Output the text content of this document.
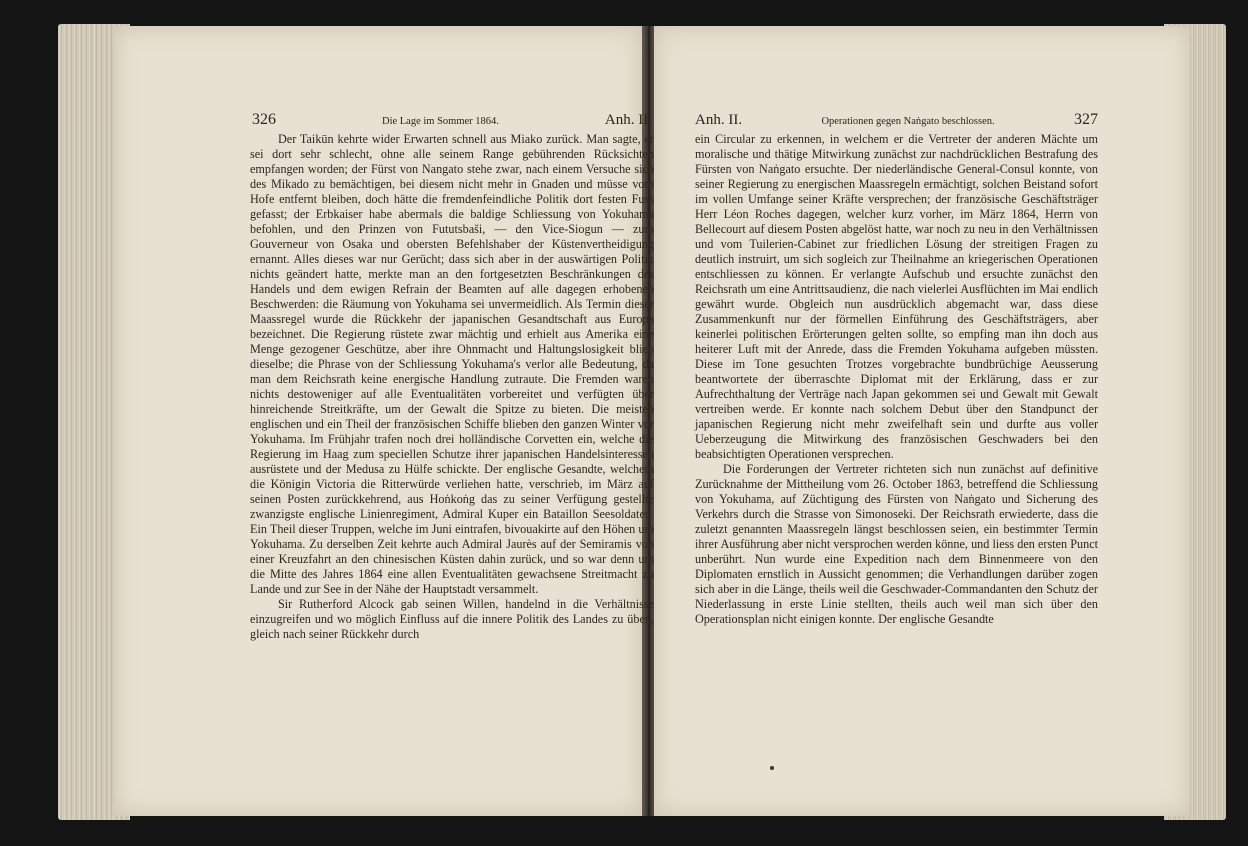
326	Die Lage im Sommer 1864.	Anh. II.

Der Taikūn kehrte wider Erwarten schnell aus Miako zurück. Man sagte, er sei dort sehr schlecht, ohne alle seinem Range gebührenden Rücksichten empfangen worden; der Fürst von Nangato stehe zwar, nach einem Versuche sich des Mikado zu bemächtigen, bei diesem nicht mehr in Gnaden und müsse vom Hofe entfernt bleiben, doch hätte die fremdenfeindliche Politik dort festen Fuss gefasst; der Erbkaiser habe abermals die baldige Schliessung von Yokuhama befohlen, und den Prinzen von Fututsbaši, — den Vice-Siogun — zum Gouverneur von Osaka und obersten Befehlshaber der Küstenvertheidigung ernannt. Alles dieses war nur Gerücht; dass sich aber in der auswärtigen Politik nichts geändert hatte, merkte man an den fortgesetzten Beschränkungen des Handels und dem ewigen Refrain der Beamten auf alle dagegen erhobenen Beschwerden: die Räumung von Yokuhama sei unvermeidlich. Als Termin dieser Maassregel wurde die Rückkehr der japanischen Gesandtschaft aus Europa bezeichnet. Die Regierung rüstete zwar mächtig und erhielt aus Amerika eine Menge gezogener Geschütze, aber ihre Ohnmacht und Haltungslosigkeit blieb dieselbe; die Phrase von der Schliessung Yokuhama's verlor alle Bedeutung, da man dem Reichsrath keine energische Handlung zutraute. Die Fremden waren nichts destoweniger auf alle Eventualitäten vorbereitet und verfügten über hinreichende Streitkräfte, um der Gewalt die Spitze zu bieten. Die meisten englischen und ein Theil der französischen Schiffe blieben den ganzen Winter vor Yokuhama. Im Frühjahr trafen noch drei holländische Corvetten ein, welche die Regierung im Haag zum speciellen Schutze ihrer japanischen Handelsinteressen ausrüstete und der Medusa zu Hülfe schickte. Der englische Gesandte, welchem die Königin Victoria die Ritterwürde verliehen hatte, verschrieb, im März auf seinen Posten zurückkehrend, aus Hoṅkoṅg das zu seiner Verfügung gestellte zwanzigste englische Linienregiment, Admiral Kuper ein Bataillon Seesoldaten. Ein Theil dieser Truppen, welche im Juni eintrafen, bivouakirte auf den Höhen um Yokuhama. Zu derselben Zeit kehrte auch Admiral Jaurès auf der Semiramis von einer Kreuzfahrt an den chinesischen Küsten dahin zurück, und so war denn um die Mitte des Jahres 1864 eine allen Eventualitäten gewachsene Streitmacht zu Lande und zur See in der Nähe der Hauptstadt versammelt.

Sir Rutherford Alcock gab seinen Willen, handelnd in die Verhältnisse einzugreifen und wo möglich Einfluss auf die innere Politik des Landes zu üben, gleich nach seiner Rückkehr durch

Anh. II.	Operationen gegen Naṅgato beschlossen.	327

ein Circular zu erkennen, in welchem er die Vertreter der anderen Mächte um moralische und thätige Mitwirkung zunächst zur nachdrücklichen Bestrafung des Fürsten von Naṅgato ersuchte. Der niederländische General-Consul konnte, von seiner Regierung zu energischen Maassregeln ermächtigt, solchen Beistand sofort im vollen Umfange seiner Kräfte versprechen; der französische Geschäftsträger Herr Léon Roches dagegen, welcher kurz vorher, im März 1864, Herrn von Bellecourt auf diesem Posten abgelöst hatte, war noch zu neu in den Verhältnissen und vom Tuilerien-Cabinet zur friedlichen Lösung der streitigen Fragen zu deutlich instruirt, um sich sogleich zur Theilnahme an kriegerischen Operationen entschliessen zu können. Er verlangte Aufschub und ersuchte zunächst den Reichsrath um eine Antrittsaudienz, die nach vielerlei Ausflüchten im Mai endlich gewährt wurde. Obgleich nun ausdrücklich abgemacht war, dass diese Zusammenkunft nur der förmellen Einführung des Geschäftsträgers, aber keinerlei politischen Erörterungen gelten sollte, so empfing man ihn doch aus heiterer Luft mit der Anrede, dass die Fremden Yokuhama aufgeben müssten. Diese im Tone gesuchten Trotzes vorgebrachte bundbrüchige Aeusserung beantwortete der überraschte Diplomat mit der Erklärung, dass er zur Aufrechthaltung der Verträge nach Japan gekommen sei und Gewalt mit Gewalt vertreiben werde. Er konnte nach solchem Debut über den Standpunct der japanischen Regierung nicht mehr zweifelhaft sein und durfte aus voller Ueberzeugung die Mitwirkung des französischen Geschwaders bei den beabsichtigten Operationen versprechen.

Die Forderungen der Vertreter richteten sich nun zunächst auf definitive Zurücknahme der Mittheilung vom 26. October 1863, betreffend die Schliessung von Yokuhama, auf Züchtigung des Fürsten von Naṅgato und Sicherung des Verkehrs durch die Strasse von Simonoseki. Der Reichsrath erwiederte, dass die zuletzt genannten Maassregeln längst beschlossen seien, ein bestimmter Termin ihrer Ausführung aber nicht versprochen werden könne, und liess den ersten Punct unberührt. Nun wurde eine Expedition nach dem Binnenmeere von den Diplomaten ernstlich in Aussicht genommen; die Verhandlungen darüber zogen sich aber in die Länge, theils weil die Geschwader-Commandanten den Schutz der Niederlassung in erste Linie stellten, theils auch weil man sich über den Operationsplan nicht einigen konnte. Der englische Gesandte
